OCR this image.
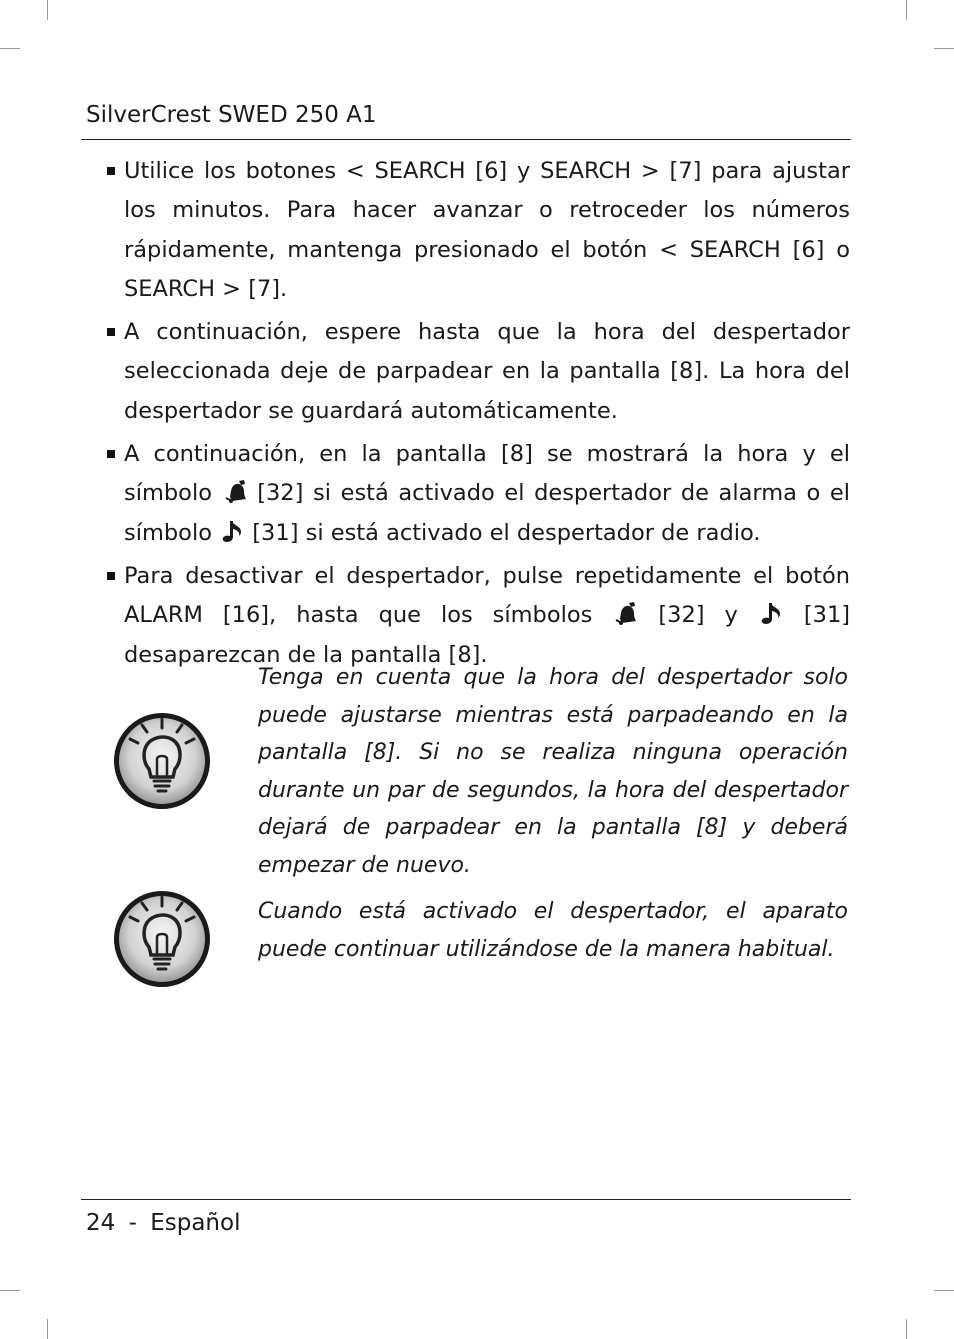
SilverCrest SWED 250 A1
Utilice los botones < SEARCH [6] y SEARCH > [7] para ajustar los minutos. Para hacer avanzar o retroceder los números rápidamente, mantenga presionado el botón < SEARCH [6] o SEARCH > [7].
A continuación, espere hasta que la hora del despertador seleccionada deje de parpadear en la pantalla [8]. La hora del despertador se guardará automáticamente.
A continuación, en la pantalla [8] se mostrará la hora y el símbolo [32] si está activado el despertador de alarma o el símbolo [31] si está activado el despertador de radio.
Para desactivar el despertador, pulse repetidamente el botón ALARM [16], hasta que los símbolos	[32] y	[31] desaparezcan de la pantalla [8].
Tenga en cuenta que la hora del despertador solo puede ajustarse mientras está parpadeando en la pantalla [8]. Si no se realiza ninguna operación durante un par de segundos, la hora del despertador dejará de parpadear en la pantalla [8] y deberá empezar de nuevo.
Cuando está activado el despertador, el aparato puede continuar utilizándose de la manera habitual.
24 - Español
